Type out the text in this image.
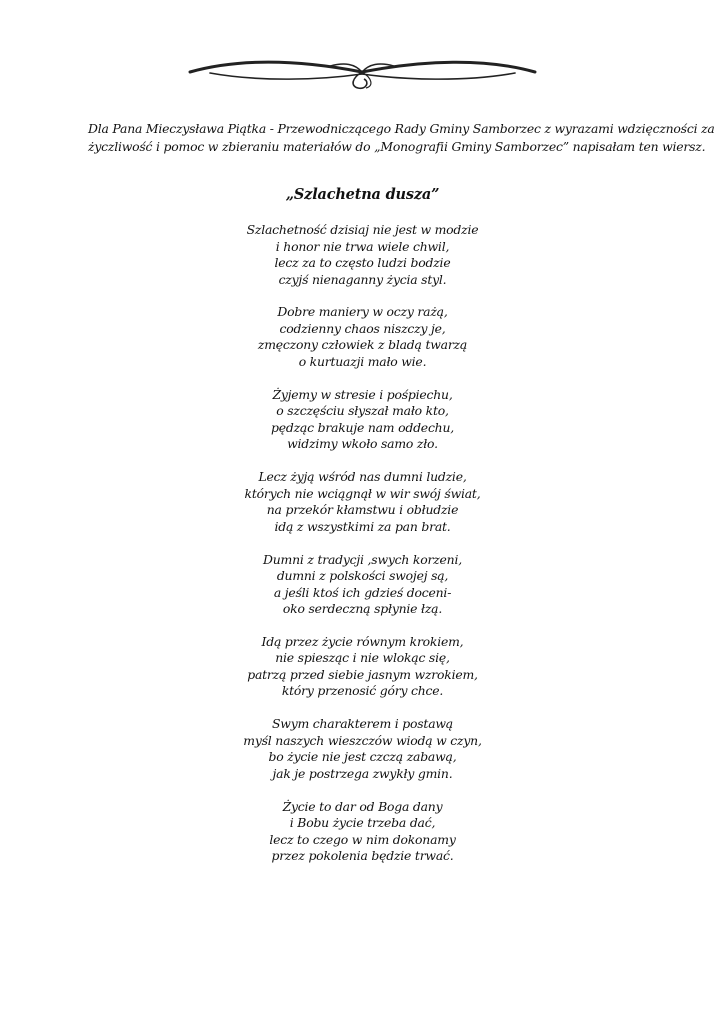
Dla Pana Mieczysława Piątka - Przewodniczącego Rady Gminy Samborzec z wyrazami wdzięczności za
życzliwość i pomoc w zbieraniu materiałów do „Monografii Gminy Samborzec” napisałam ten wiersz.
„Szlachetna dusza”
Szlachetność dzisiaj nie jest w modzie
i honor nie trwa wiele chwil,
lecz za to często ludzi bodzie
czyjś nienaganny życia styl.
Dobre maniery w oczy rażą,
codzienny chaos niszczy je,
zmęczony człowiek z bladą twarzą
o kurtuazji mało wie.
Żyjemy w stresie i pośpiechu,
o szczęściu słyszał mało kto,
pędząc brakuje nam oddechu,
widzimy wkoło samo zło.
Lecz żyją wśród nas dumni ludzie,
których nie wciągnął w wir swój świat,
na przekór kłamstwu i obłudzie
idą z wszystkimi za pan brat.
Dumni z tradycji ,swych korzeni,
dumni z polskości swojej są,
a jeśli ktoś ich gdzieś doceni-
oko serdeczną spłynie łzą.
Idą przez życie równym krokiem,
nie spiesząc i nie wlokąc się,
patrzą przed siebie jasnym wzrokiem,
który przenosić góry chce.
Swym charakterem i postawą
myśl naszych wieszczów wiodą w czyn,
bo życie nie jest czczą zabawą,
jak je postrzega zwykły gmin.
Życie to dar od Boga dany
i Bobu życie trzeba dać,
lecz to czego w nim dokonamy
przez pokolenia będzie trwać.
